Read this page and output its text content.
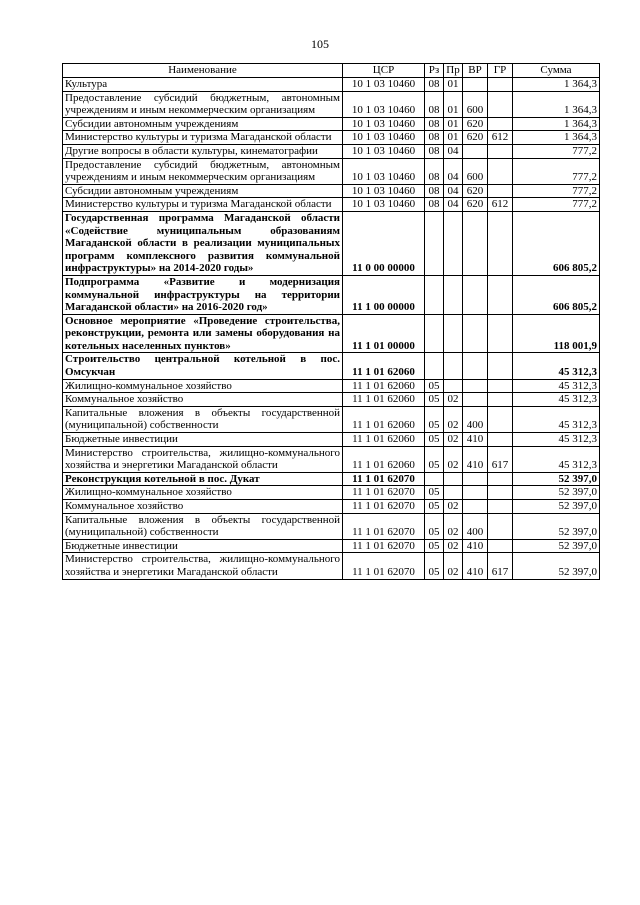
105
Наименование	ЦСР	Рз	Пр	ВР	ГР	Сумма
Культура	10 1 03 10460	08	01			1 364,3
Предоставление субсидий бюджетным, автономным учреждениям и иным некоммерческим организациям	10 1 03 10460	08	01	600		1 364,3
Субсидии автономным учреждениям	10 1 03 10460	08	01	620		1 364,3
Министерство культуры и туризма Магаданской области	10 1 03 10460	08	01	620	612	1 364,3
Другие вопросы в области культуры, кинематографии	10 1 03 10460	08	04			777,2
Предоставление субсидий бюджетным, автономным учреждениям и иным некоммерческим организациям	10 1 03 10460	08	04	600		777,2
Субсидии автономным учреждениям	10 1 03 10460	08	04	620		777,2
Министерство культуры и туризма Магаданской области	10 1 03 10460	08	04	620	612	777,2
Государственная программа Магаданской области «Содействие муниципальным образованиям Магаданской области в реализации муниципальных программ комплексного развития коммунальной инфраструктуры» на 2014-2020 годы»	11 0 00 00000					606 805,2
Подпрограмма «Развитие и модернизация коммунальной инфраструктуры на территории Магаданской области» на 2016-2020 год»	11 1 00 00000					606 805,2
Основное мероприятие «Проведение строительства, реконструкции, ремонта или замены оборудования на котельных населенных пунктов»	11 1 01 00000					118 001,9
Строительство центральной котельной в пос. Омсукчан	11 1 01 62060					45 312,3
Жилищно-коммунальное хозяйство	11 1 01 62060	05				45 312,3
Коммунальное хозяйство	11 1 01 62060	05	02			45 312,3
Капитальные вложения в объекты государственной (муниципальной) собственности	11 1 01 62060	05	02	400		45 312,3
Бюджетные инвестиции	11 1 01 62060	05	02	410		45 312,3
Министерство строительства, жилищно-коммунального хозяйства и энергетики Магаданской области	11 1 01 62060	05	02	410	617	45 312,3
Реконструкция котельной в пос. Дукат	11 1 01 62070					52 397,0
Жилищно-коммунальное хозяйство	11 1 01 62070	05				52 397,0
Коммунальное хозяйство	11 1 01 62070	05	02			52 397,0
Капитальные вложения в объекты государственной (муниципальной) собственности	11 1 01 62070	05	02	400		52 397,0
Бюджетные инвестиции	11 1 01 62070	05	02	410		52 397,0
Министерство строительства, жилищно-коммунального хозяйства и энергетики Магаданской области	11 1 01 62070	05	02	410	617	52 397,0
